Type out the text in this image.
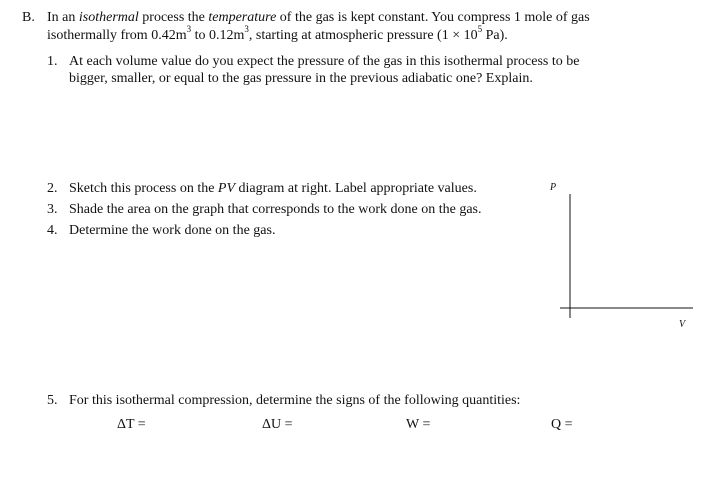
B. In an isothermal process the temperature of the gas is kept constant. You compress 1 mole of gas
isothermally from $0.42m^3$ to $0.12m^3$, starting at atmospheric pressure ($1 \times 10^5$ Pa).
1. At each volume value do you expect the pressure of the gas in this isothermal process to be
bigger, smaller, or equal to the gas pressure in the previous adiabatic one? Explain.
2. Sketch this process on the PV diagram at right. Label appropriate values.
3. Shade the area on the graph that corresponds to the work done on the gas.
4. Determine the work done on the gas.
P
V
5. For this isothermal compression, determine the signs of the following quantities:
ΔT =	ΔU =	W =	Q =
